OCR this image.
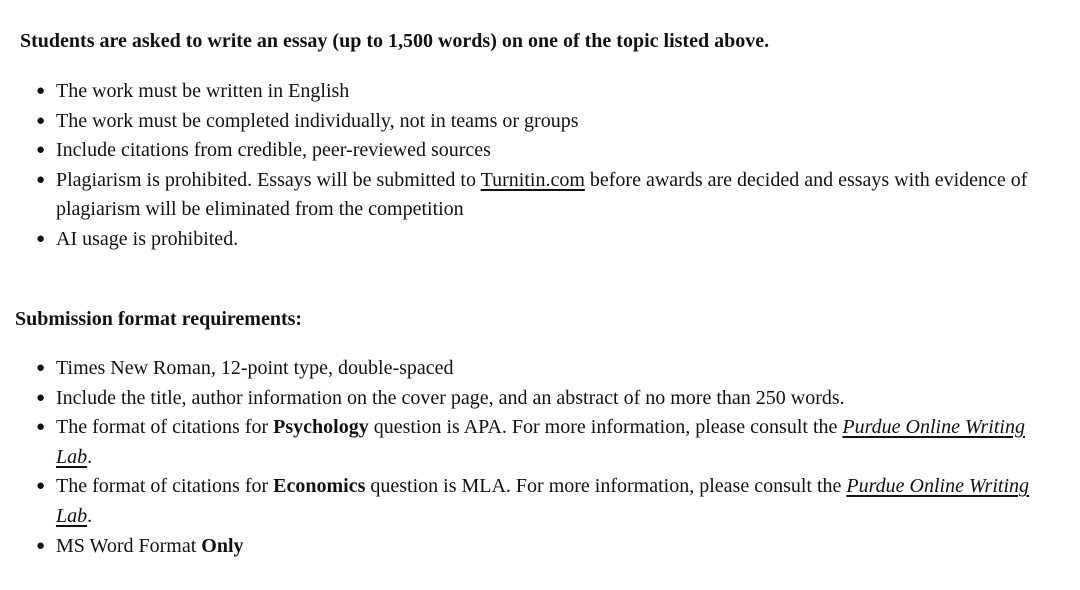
Students are asked to write an essay (up to 1,500 words) on one of the topic listed above.

● The work must be written in English
● The work must be completed individually, not in teams or groups
● Include citations from credible, peer-reviewed sources
● Plagiarism is prohibited. Essays will be submitted to Turnitin.com before awards are decided and essays with evidence of plagiarism will be eliminated from the competition
● AI usage is prohibited.

Submission format requirements:

● Times New Roman, 12-point type, double-spaced
● Include the title, author information on the cover page, and an abstract of no more than 250 words.
● The format of citations for Psychology question is APA. For more information, please consult the Purdue Online Writing Lab.
● The format of citations for Economics question is MLA. For more information, please consult the Purdue Online Writing Lab.
● MS Word Format Only
